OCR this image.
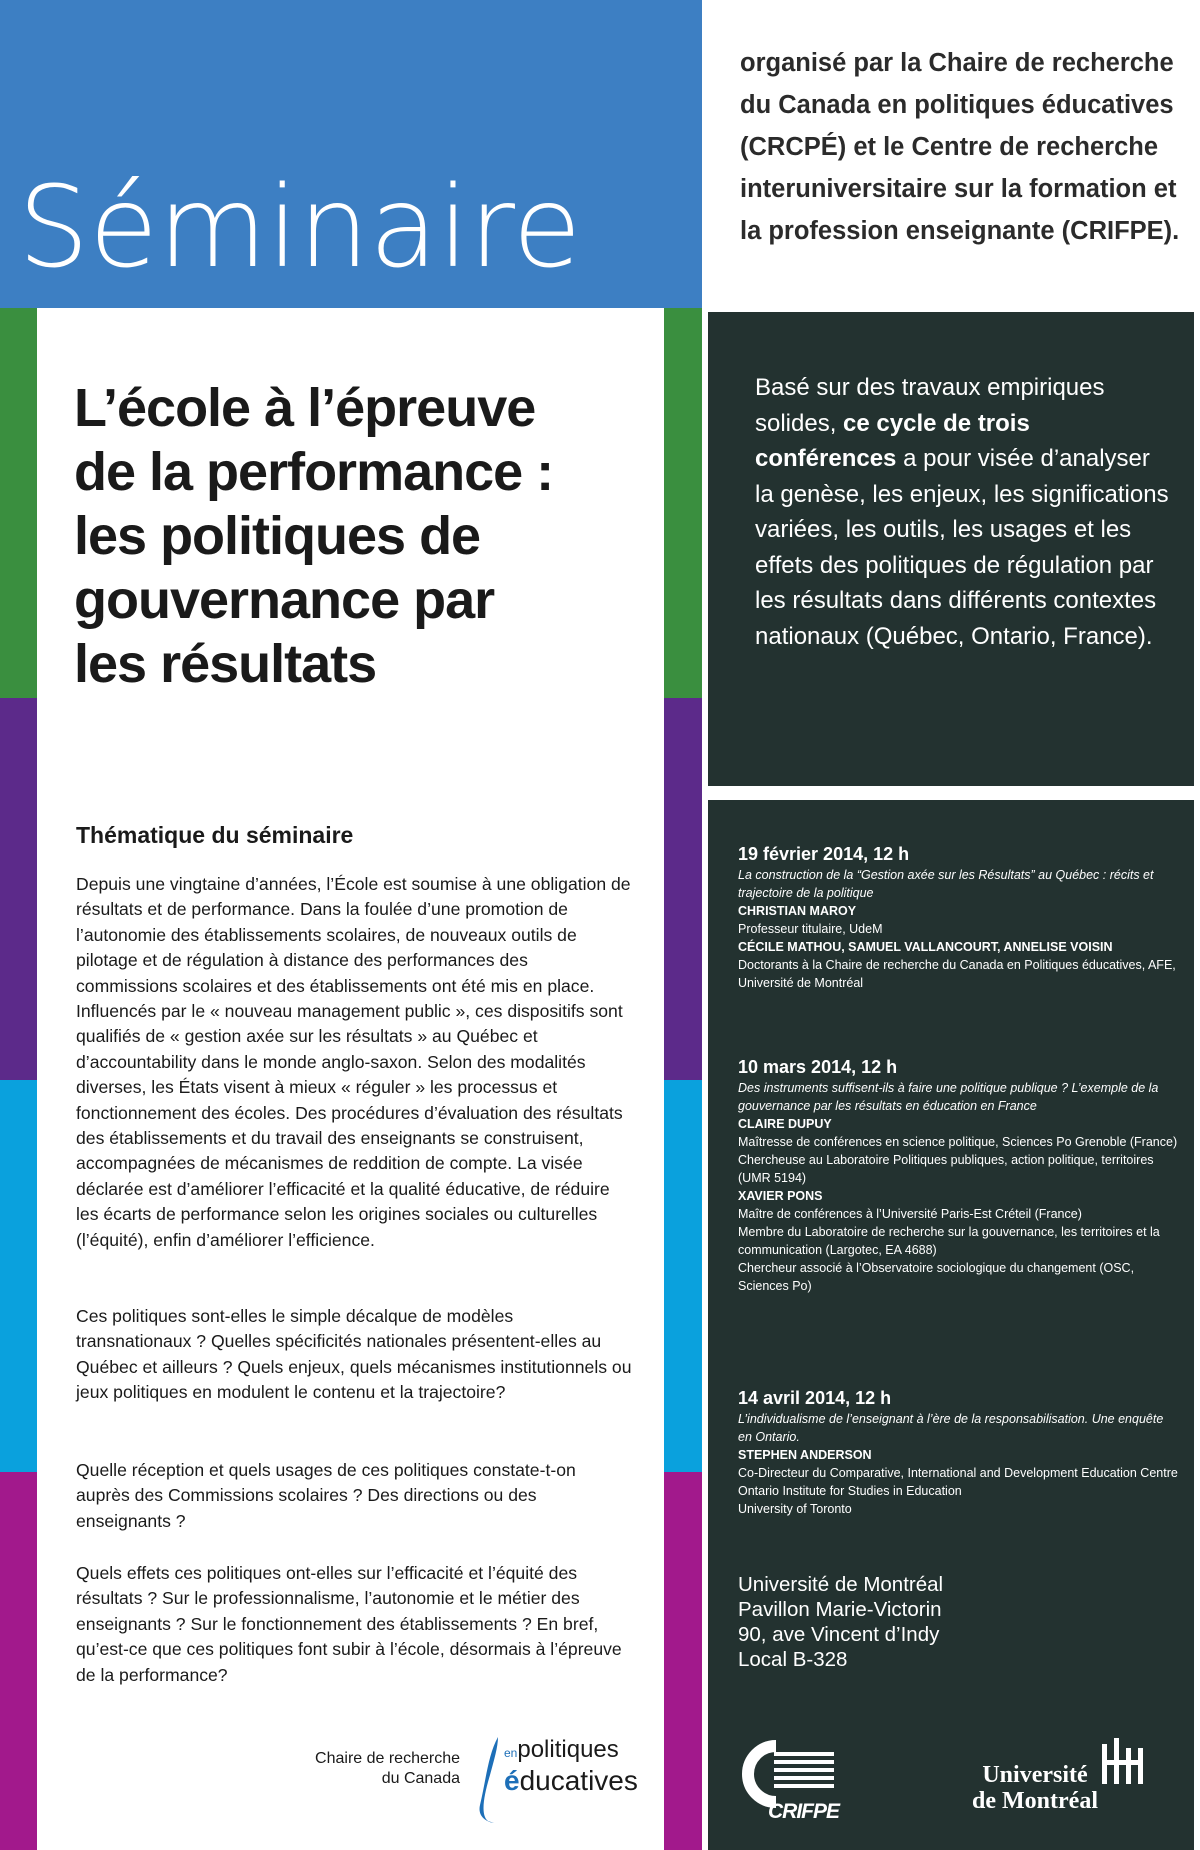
Séminaire
organisé par la Chaire de recherche du Canada en politiques éducatives (CRCPÉ) et le Centre de recherche interuniversitaire sur la formation et la profession enseignante (CRIFPE).
Basé sur des travaux empiriques solides, ce cycle de trois conférences a pour visée d’analyser la genèse, les enjeux, les significations variées, les outils, les usages et les effets des politiques de régulation par les résultats dans différents contextes nationaux (Québec, Ontario, France).
19 février 2014, 12 h
La construction de la “Gestion axée sur les Résultats” au Québec : récits et trajectoire de la politique
CHRISTIAN MAROY
Professeur titulaire, UdeM
CÉCILE MATHOU, SAMUEL VALLANCOURT, ANNELISE VOISIN
Doctorants à la Chaire de recherche du Canada en Politiques éducatives, AFE, Université de Montréal
10 mars 2014, 12 h
Des instruments suffisent-ils à faire une politique publique ? L’exemple de la gouvernance par les résultats en éducation en France
CLAIRE DUPUY
Maîtresse de conférences en science politique, Sciences Po Grenoble (France)
Chercheuse au Laboratoire Politiques publiques, action politique, territoires (UMR 5194)
XAVIER PONS
Maître de conférences à l’Université Paris-Est Créteil (France)
Membre du Laboratoire de recherche sur la gouvernance, les territoires et la communication (Largotec, EA 4688)
Chercheur associé à l’Observatoire sociologique du changement (OSC, Sciences Po)
14 avril 2014, 12 h
L’individualisme de l’enseignant à l’ère de la responsabilisation. Une enquête en Ontario.
STEPHEN ANDERSON
Co-Directeur du Comparative, International and Development Education Centre
Ontario Institute for Studies in Education
University of Toronto
Université de Montréal
Pavillon Marie-Victorin
90, ave Vincent d’Indy
Local B-328
L’école à l’épreuve
de la performance :
les politiques de
gouvernance par
les résultats
Thématique du séminaire
Depuis une vingtaine d’années, l’École est soumise à une obligation de résultats et de performance. Dans la foulée d’une promotion de l’autonomie des établissements scolaires, de nouveaux outils de pilotage et de régulation à distance des performances des commissions scolaires et des établissements ont été mis en place. Influencés par le « nouveau management public », ces dispositifs sont qualifiés de « gestion axée sur les résultats » au Québec et d’accountability dans le monde anglo-saxon. Selon des modalités diverses, les États visent à mieux « réguler » les processus et fonctionnement des écoles. Des procédures d’évaluation des résultats des établissements et du travail des enseignants se construisent, accompagnées de mécanismes de reddition de compte. La visée déclarée est d’améliorer l’efficacité et la qualité éducative, de réduire les écarts de performance selon les origines sociales ou culturelles (l’équité), enfin d’améliorer l’efficience.
Ces politiques sont-elles le simple décalque de modèles transnationaux ? Quelles spécificités nationales présentent-elles au Québec et ailleurs ? Quels enjeux, quels mécanismes institutionnels ou jeux politiques en modulent le contenu et la trajectoire?
Quelle réception et quels usages de ces politiques constate-t-on auprès des Commissions scolaires ? Des directions ou des enseignants ?
Quels effets ces politiques ont-elles sur l’efficacité et l’équité des résultats ? Sur le professionnalisme, l’autonomie et le métier des enseignants ? Sur le fonctionnement des établissements ? En bref, qu’est-ce que ces politiques font subir à l’école, désormais à l’épreuve de la performance?
Chaire de recherche
du Canada
enpolitiques
éducatives
CRIFPE
Université
de Montréal
